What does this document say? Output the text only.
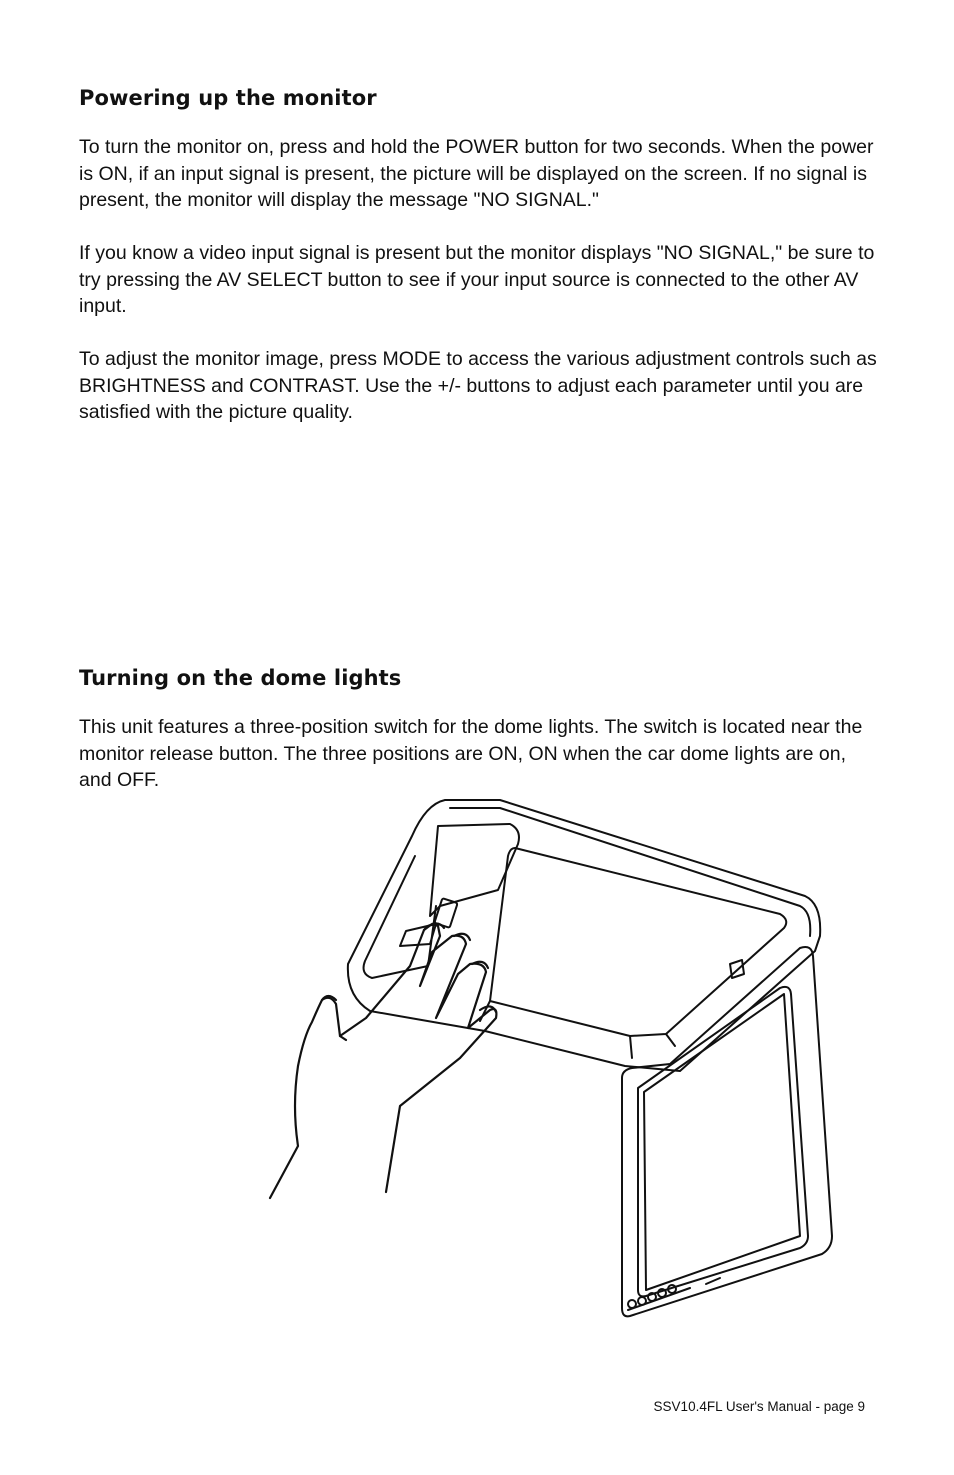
Powering up the monitor

To turn the monitor on, press and hold the POWER button for two seconds. When the power is ON, if an input signal is present, the picture will be displayed on the screen. If no signal is present, the monitor will display the message "NO SIGNAL."

If you know a video input signal is present but the monitor displays "NO SIGNAL," be sure to try pressing the AV SELECT button to see if your input source is connected to the other AV input.

To adjust the monitor image, press MODE to access the various adjustment controls such as BRIGHTNESS and CONTRAST. Use the +/- buttons to adjust each parameter until you are satisfied with the picture quality.

Turning on the dome lights

This unit features a three-position switch for the dome lights. The switch is located near the monitor release button. The three positions are ON, ON when the car dome lights are on, and OFF.

SSV10.4FL User's Manual - page 9
